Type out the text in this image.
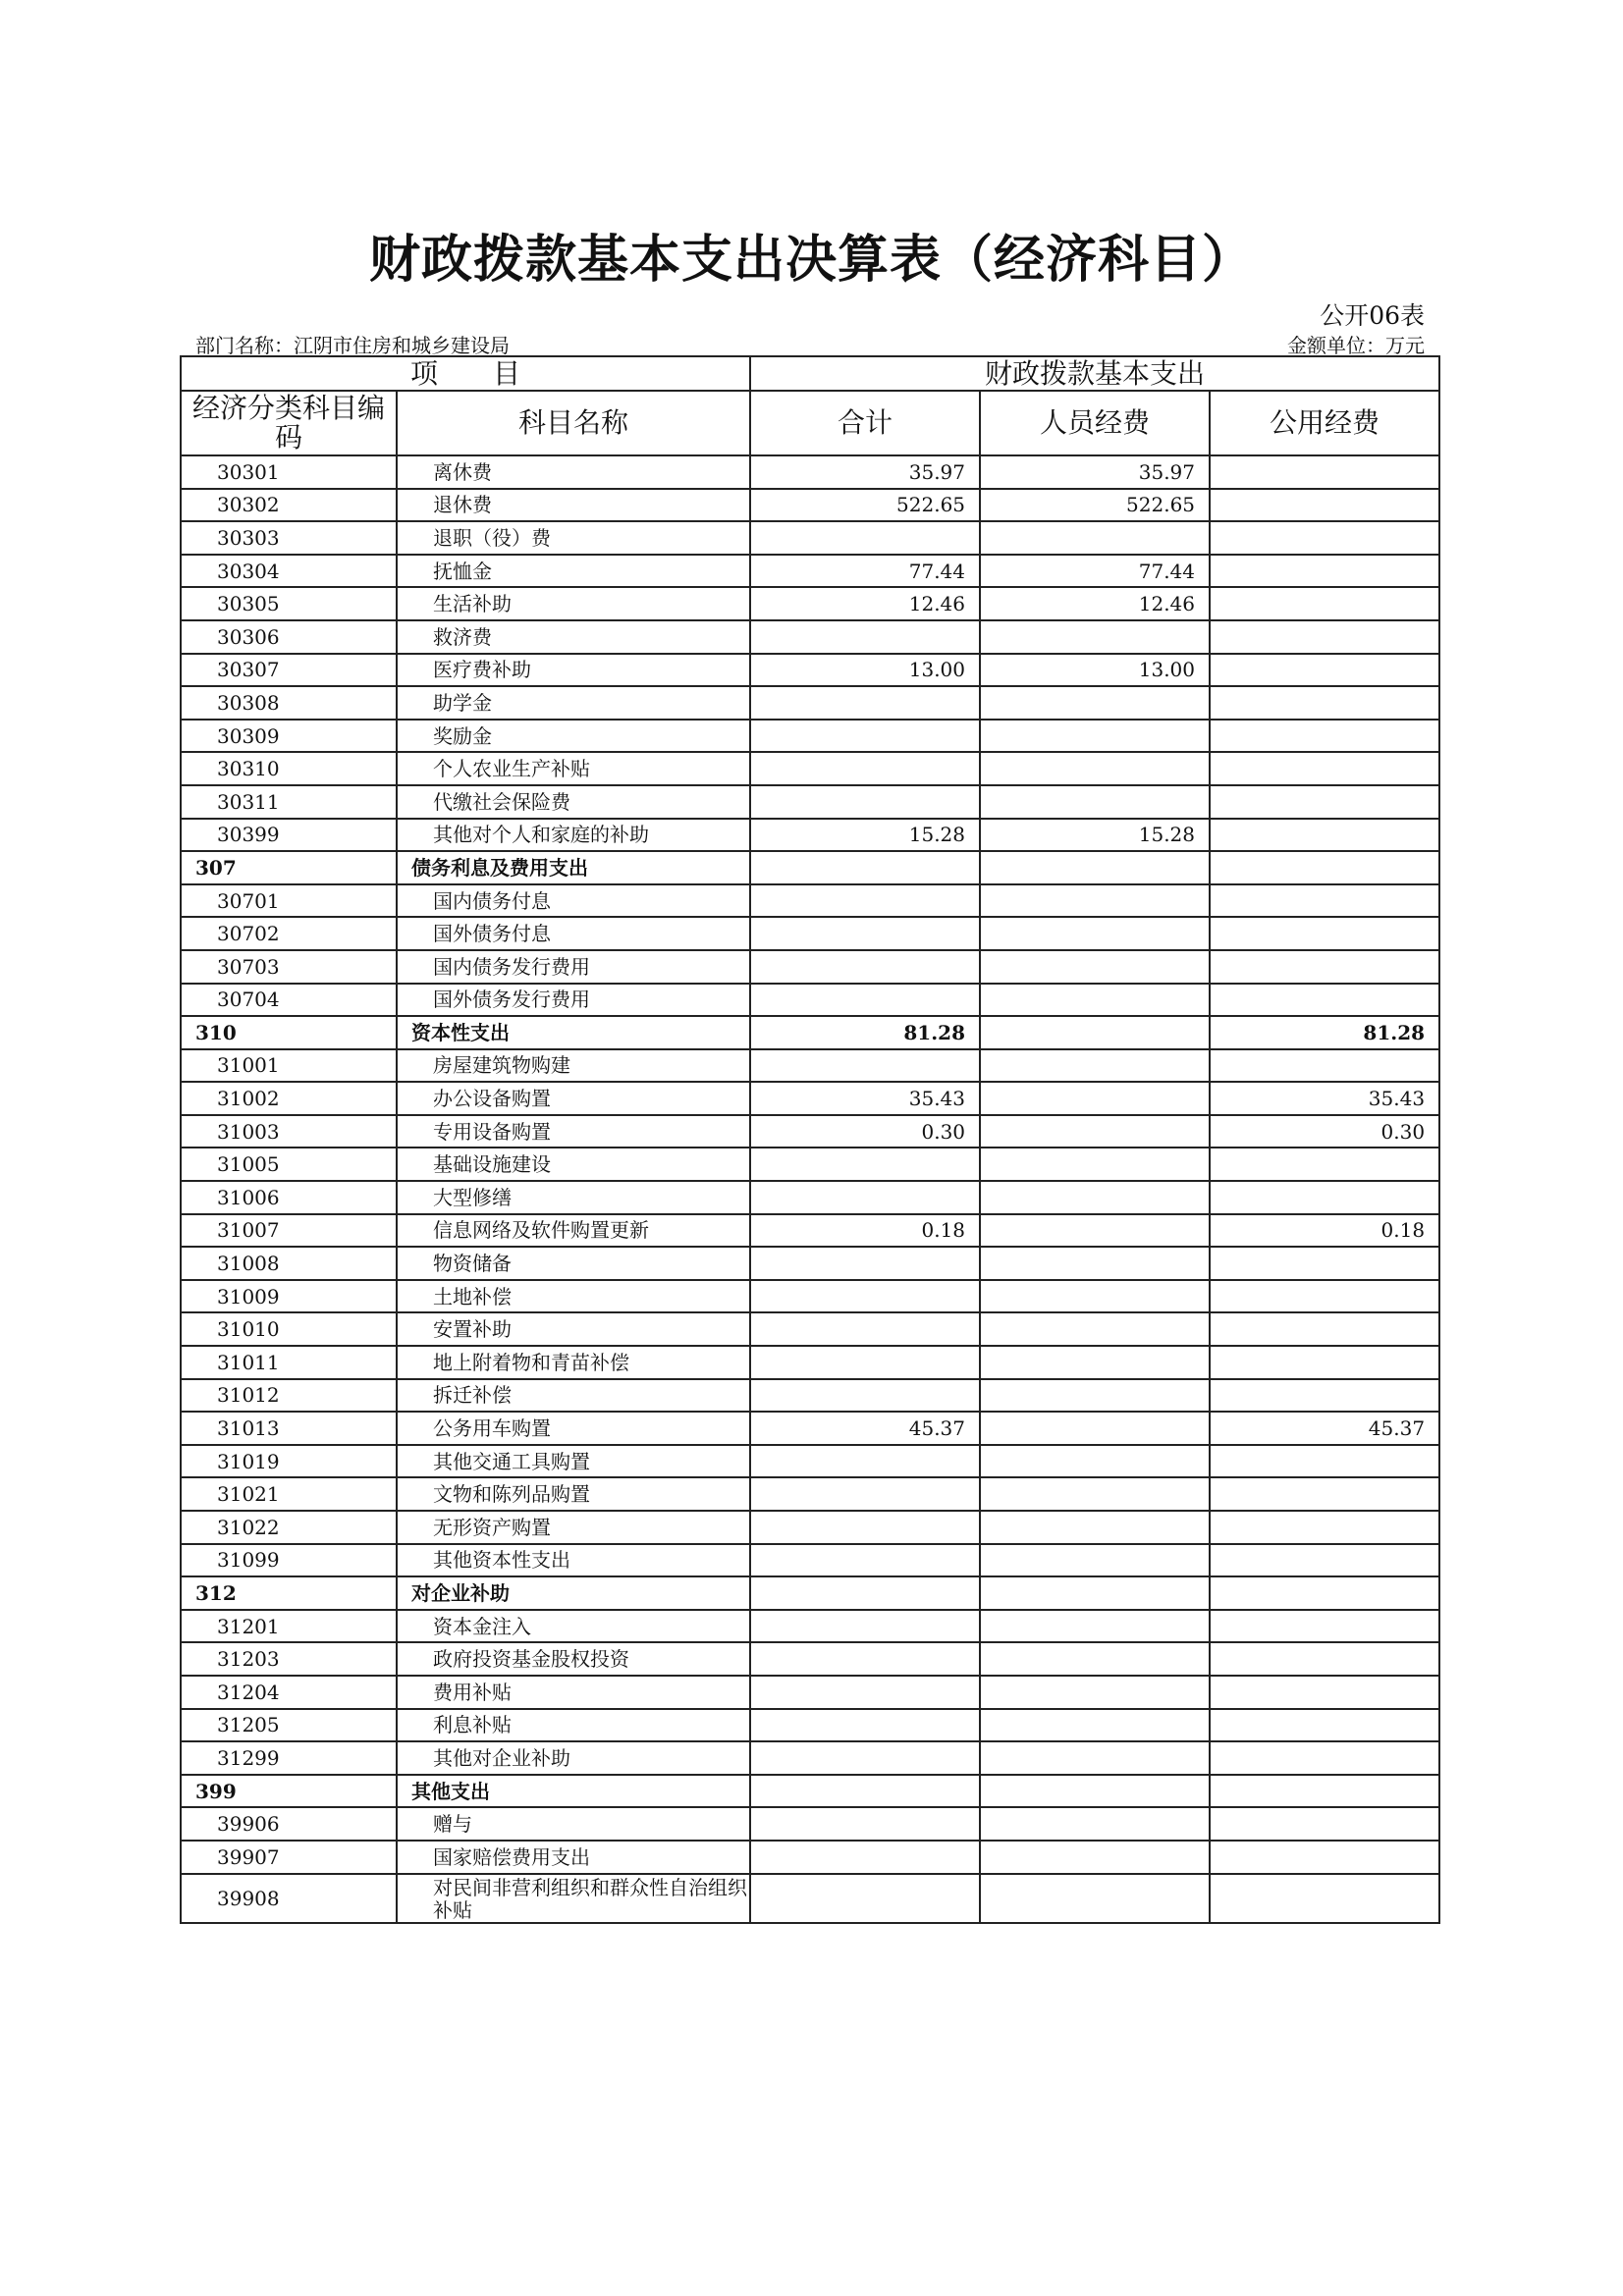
财政拨款基本支出决算表（经济科目）
公开06表
部门名称：江阴市住房和城乡建设局	金额单位：万元
项　　目		财政拨款基本支出		
经济分类科目编码	科目名称	合计	人员经费	公用经费
30301	离休费	35.97	35.97	
30302	退休费	522.65	522.65	
30303	退职（役）费			
30304	抚恤金	77.44	77.44	
30305	生活补助	12.46	12.46	
30306	救济费			
30307	医疗费补助	13.00	13.00	
30308	助学金			
30309	奖励金			
30310	个人农业生产补贴			
30311	代缴社会保险费			
30399	其他对个人和家庭的补助	15.28	15.28	
307	债务利息及费用支出			
30701	国内债务付息			
30702	国外债务付息			
30703	国内债务发行费用			
30704	国外债务发行费用			
310	资本性支出	81.28		81.28
31001	房屋建筑物购建			
31002	办公设备购置	35.43		35.43
31003	专用设备购置	0.30		0.30
31005	基础设施建设			
31006	大型修缮			
31007	信息网络及软件购置更新	0.18		0.18
31008	物资储备			
31009	土地补偿			
31010	安置补助			
31011	地上附着物和青苗补偿			
31012	拆迁补偿			
31013	公务用车购置	45.37		45.37
31019	其他交通工具购置			
31021	文物和陈列品购置			
31022	无形资产购置			
31099	其他资本性支出			
312	对企业补助			
31201	资本金注入			
31203	政府投资基金股权投资			
31204	费用补贴			
31205	利息补贴			
31299	其他对企业补助			
399	其他支出			
39906	赠与			
39907	国家赔偿费用支出			
39908	对民间非营利组织和群众性自治组织补贴			
